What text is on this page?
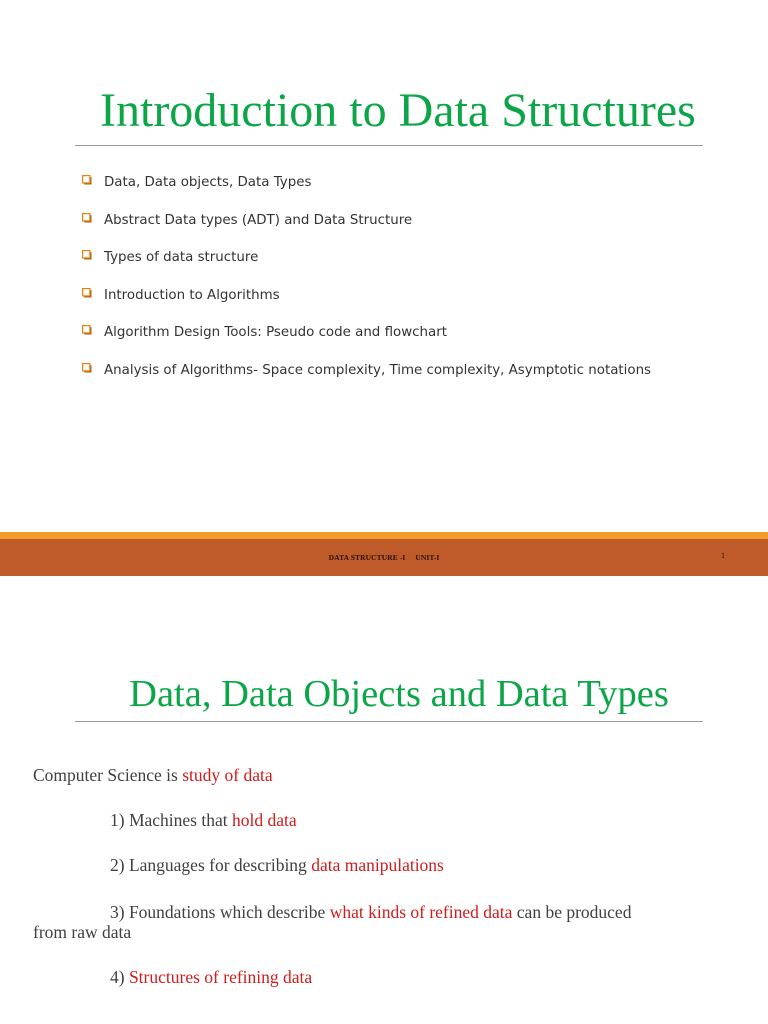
Introduction to Data Structures
Data, Data objects, Data Types
Abstract Data types (ADT) and Data Structure
Types of data structure
Introduction to Algorithms
Algorithm Design Tools: Pseudo code and flowchart
Analysis of Algorithms- Space complexity, Time complexity, Asymptotic notations
DATA STRUCTURE -I     UNIT-I	1
Data, Data Objects and Data Types
Computer Science is study of data
1) Machines that hold data
2) Languages for describing data manipulations
3) Foundations which describe what kinds of refined data can be produced
from raw data
4) Structures of refining data
